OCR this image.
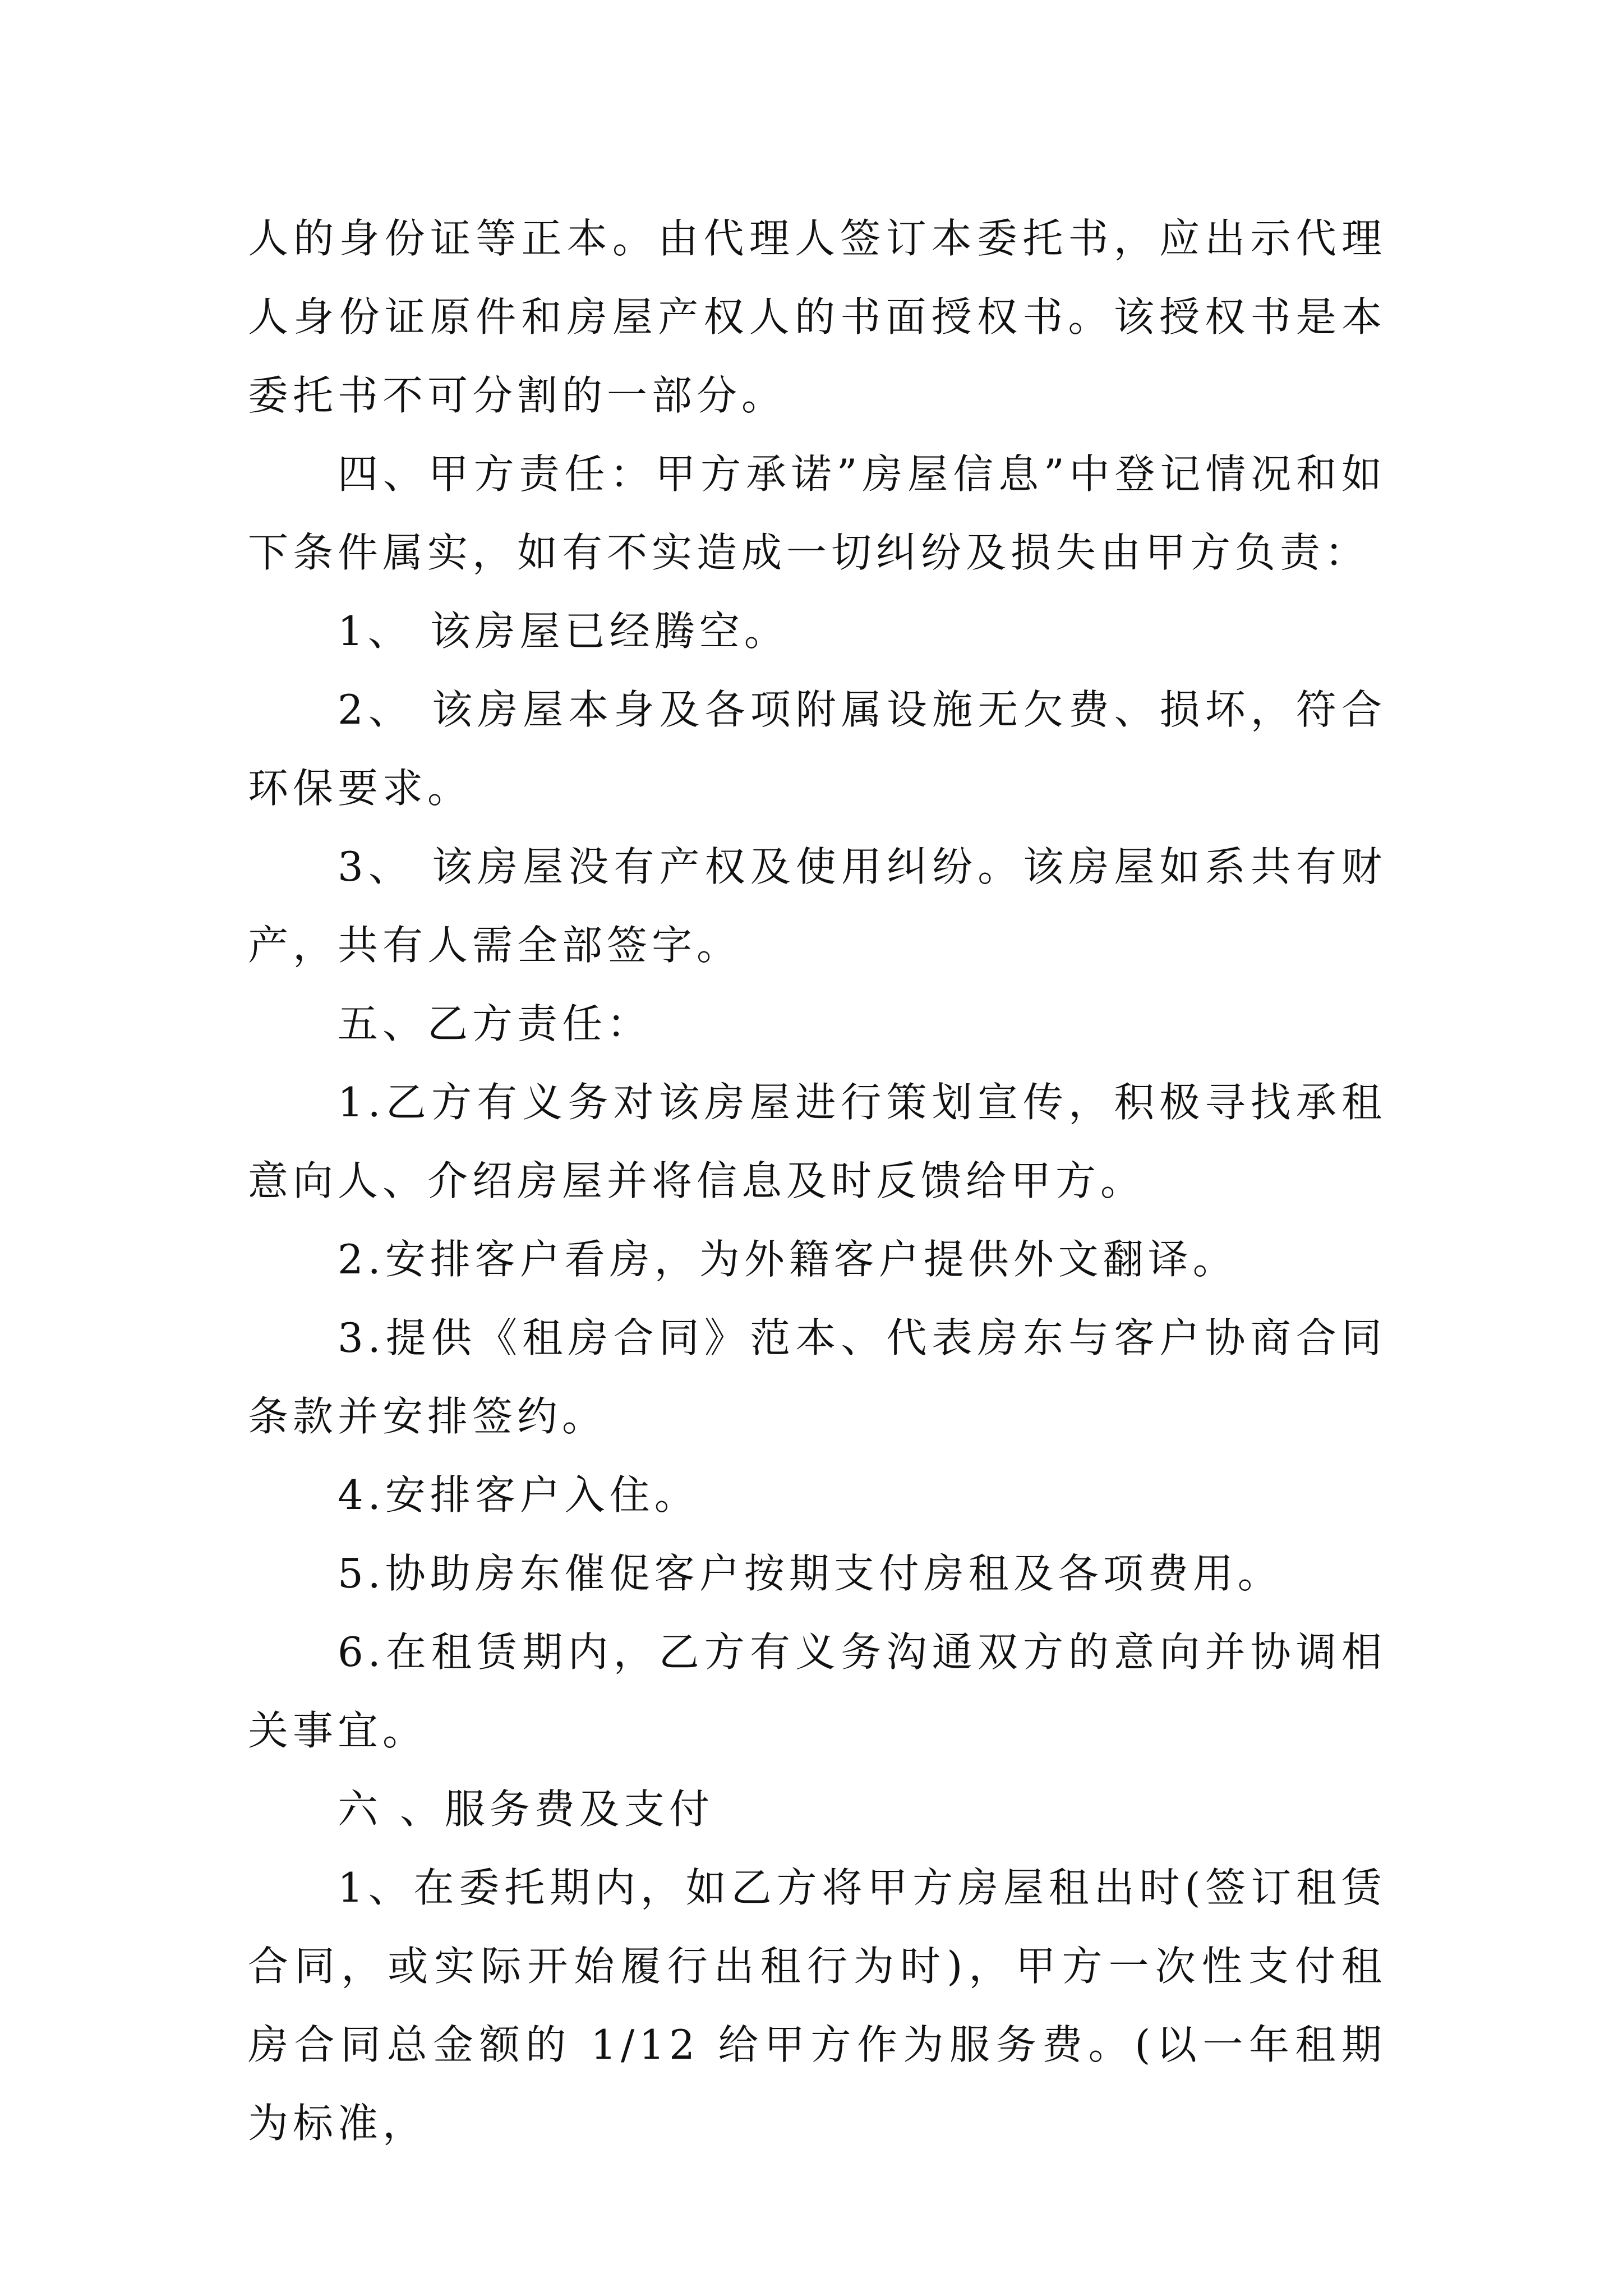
人的身份证等正本。由代理人签订本委托书，应出示代理人身份证原件和房屋产权人的书面授权书。该授权书是本委托书不可分割的一部分。

四、甲方责任：甲方承诺”房屋信息”中登记情况和如下条件属实，如有不实造成一切纠纷及损失由甲方负责：

1、 该房屋已经腾空。

2、 该房屋本身及各项附属设施无欠费、损坏，符合环保要求。

3、 该房屋没有产权及使用纠纷。该房屋如系共有财产，共有人需全部签字。

五、乙方责任：

1.乙方有义务对该房屋进行策划宣传，积极寻找承租意向人、介绍房屋并将信息及时反馈给甲方。

2.安排客户看房，为外籍客户提供外文翻译。

3.提供《租房合同》范本、代表房东与客户协商合同条款并安排签约。

4.安排客户入住。

5.协助房东催促客户按期支付房租及各项费用。

6.在租赁期内，乙方有义务沟通双方的意向并协调相关事宜。

六 、服务费及支付

1、在委托期内，如乙方将甲方房屋租出时(签订租赁合同，或实际开始履行出租行为时)，甲方一次性支付租房合同总金额的 1/12 给甲方作为服务费。(以一年租期为标准，
